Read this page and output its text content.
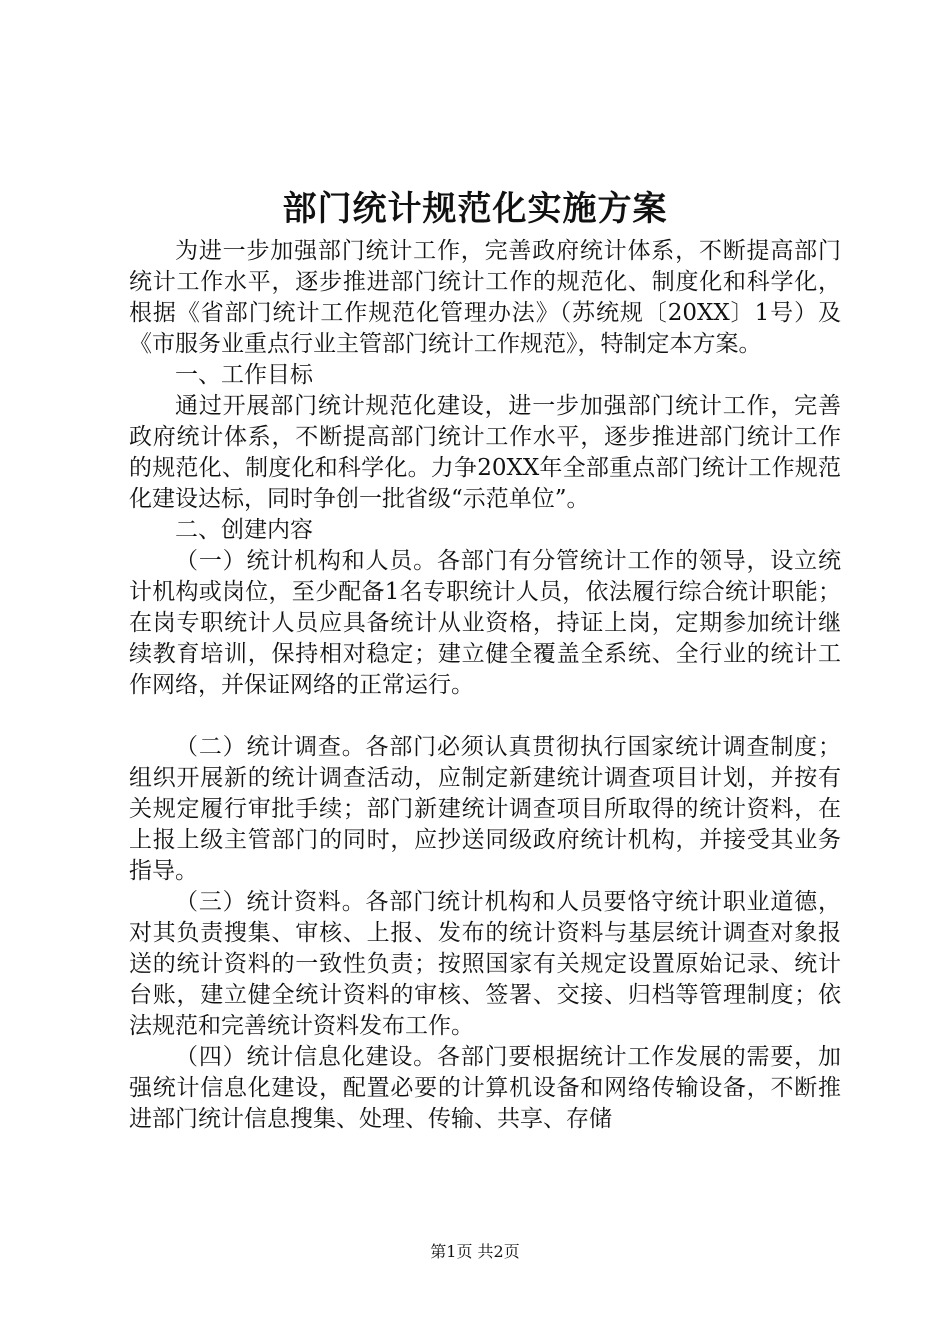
部门统计规范化实施方案

为进一步加强部门统计工作，完善政府统计体系，不断提高部门统计工作水平，逐步推进部门统计工作的规范化、制度化和科学化，根据《省部门统计工作规范化管理办法》（苏统规〔20XX〕1号）及《市服务业重点行业主管部门统计工作规范》，特制定本方案。

一、工作目标

通过开展部门统计规范化建设，进一步加强部门统计工作，完善政府统计体系，不断提高部门统计工作水平，逐步推进部门统计工作的规范化、制度化和科学化。力争20XX年全部重点部门统计工作规范化建设达标，同时争创一批省级“示范单位”。

二、创建内容

（一）统计机构和人员。各部门有分管统计工作的领导，设立统计机构或岗位，至少配备1名专职统计人员，依法履行综合统计职能；在岗专职统计人员应具备统计从业资格，持证上岗，定期参加统计继续教育培训，保持相对稳定；建立健全覆盖全系统、全行业的统计工作网络，并保证网络的正常运行。

（二）统计调查。各部门必须认真贯彻执行国家统计调查制度；组织开展新的统计调查活动，应制定新建统计调查项目计划，并按有关规定履行审批手续；部门新建统计调查项目所取得的统计资料，在上报上级主管部门的同时，应抄送同级政府统计机构，并接受其业务指导。

（三）统计资料。各部门统计机构和人员要恪守统计职业道德，对其负责搜集、审核、上报、发布的统计资料与基层统计调查对象报送的统计资料的一致性负责；按照国家有关规定设置原始记录、统计台账，建立健全统计资料的审核、签署、交接、归档等管理制度；依法规范和完善统计资料发布工作。

（四）统计信息化建设。各部门要根据统计工作发展的需要，加强统计信息化建设，配置必要的计算机设备和网络传输设备，不断推进部门统计信息搜集、处理、传输、共享、存储

第1页 共2页
